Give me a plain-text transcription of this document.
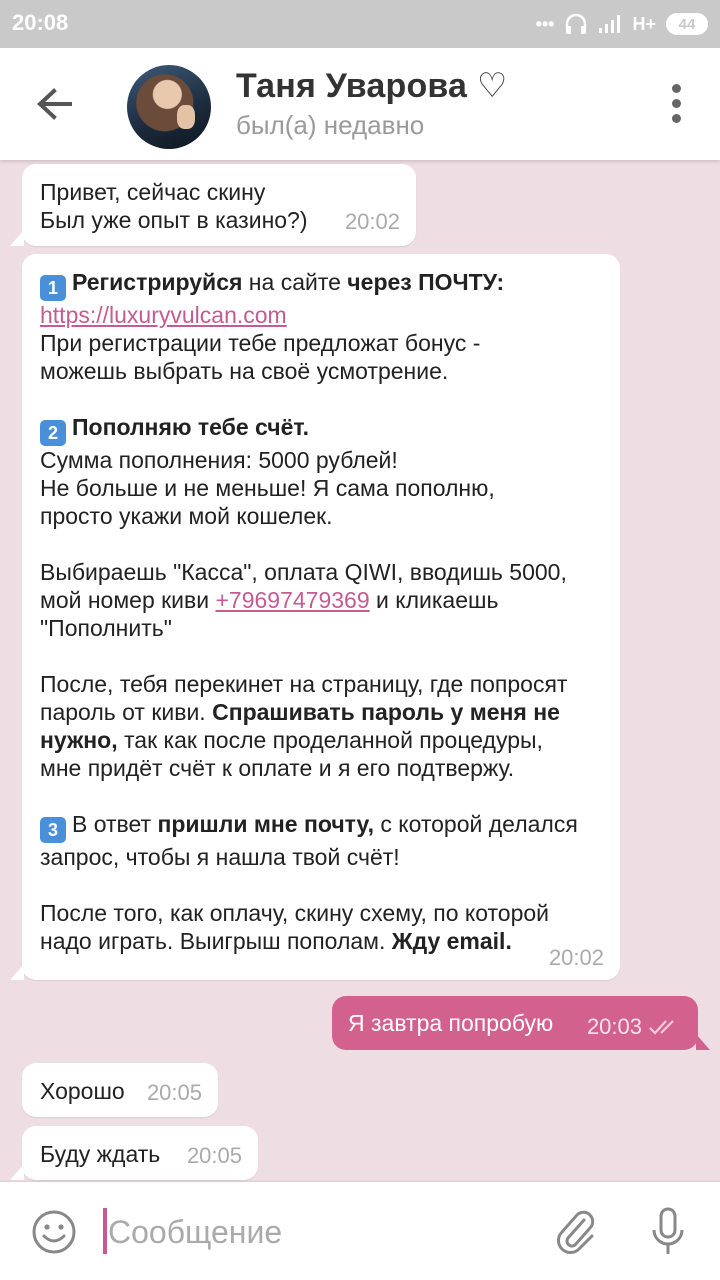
20:08	•••	H+	44
Таня Уварова ♡
был(а) недавно
Привет, сейчас скину
Был уже опыт в казино?)	20:02

1 Регистрируйся на сайте через ПОЧТУ:

https://luxuryvulcan.com

При регистрации тебе предложат бонус -

можешь выбрать на своё усмотрение.

2 Пополняю тебе счёт.

Сумма пополнения: 5000 рублей!

Не больше и не меньше! Я сама пополню,

просто укажи мой кошелек.

Выбираешь "Касса", оплата QIWI, вводишь 5000,

мой номер киви +79697479369 и кликаешь

"Пополнить"

После, тебя перекинет на страницу, где попросят

пароль от киви. Спрашивать пароль у меня не

нужно, так как после проделанной процедуры,

мне придёт счёт к оплате и я его подтвержу.

3 В ответ пришли мне почту, с которой делался

запрос, чтобы я нашла твой счёт!

После того, как оплачу, скину схему, по которой

надо играть. Выигрыш пополам. Жду email.

20:02
Я завтра попробую 20:03
Хорошо 20:05
Буду ждать 20:05
Сообщение
